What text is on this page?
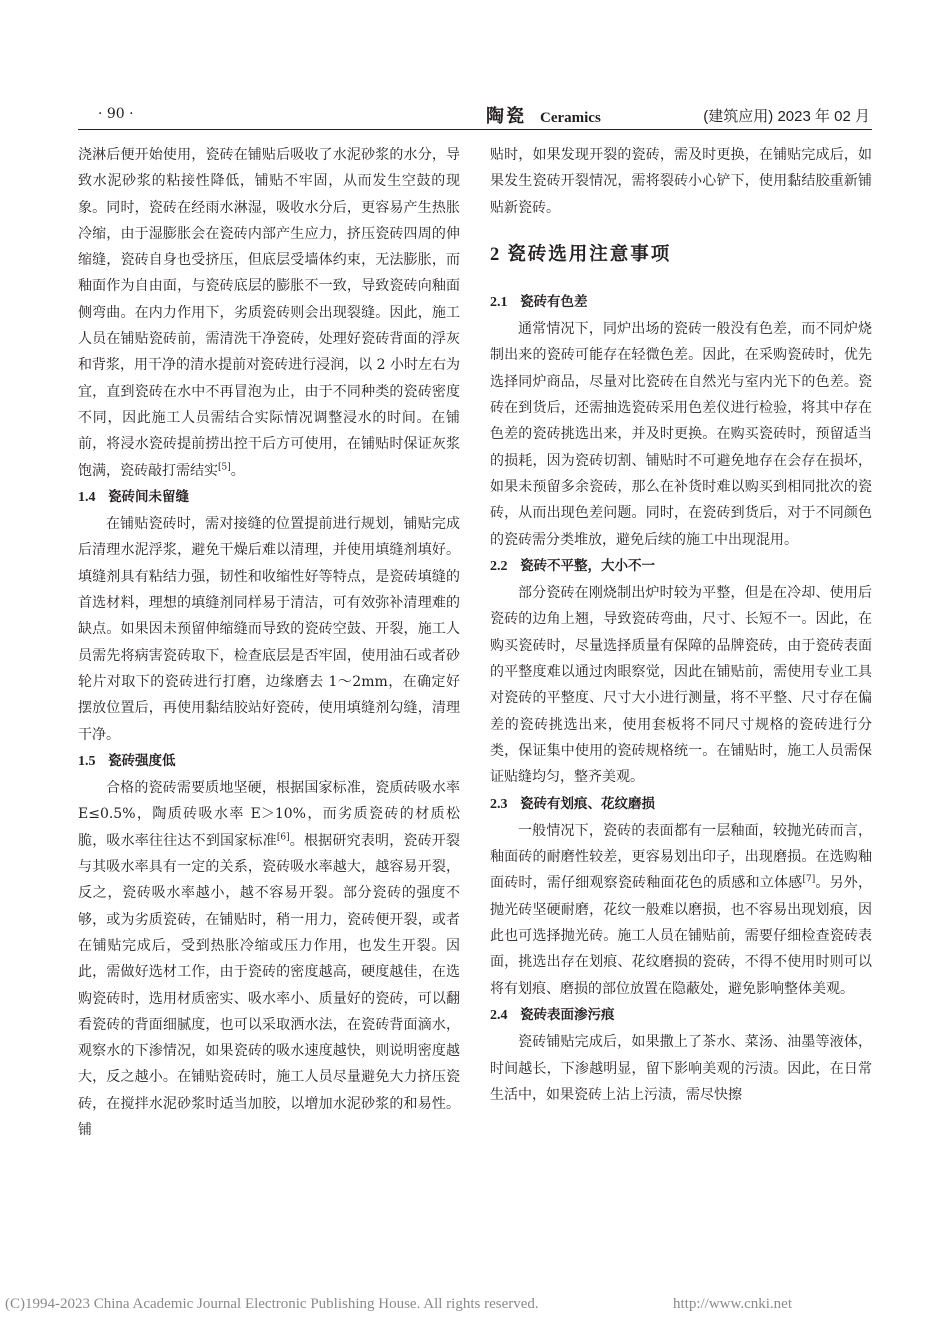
· 90 ·	陶瓷 Ceramics	(建筑应用) 2023 年 02 月

浇淋后便开始使用，瓷砖在铺贴后吸收了水泥砂浆的水分，导致水泥砂浆的粘接性降低，铺贴不牢固，从而发生空鼓的现象。同时，瓷砖在经雨水淋湿，吸收水分后，更容易产生热胀冷缩，由于湿膨胀会在瓷砖内部产生应力，挤压瓷砖四周的伸缩缝，瓷砖自身也受挤压，但底层受墙体约束，无法膨胀，而釉面作为自由面，与瓷砖底层的膨胀不一致，导致瓷砖向釉面侧弯曲。在内力作用下，劣质瓷砖则会出现裂缝。因此，施工人员在铺贴瓷砖前，需清洗干净瓷砖，处理好瓷砖背面的浮灰和背浆，用干净的清水提前对瓷砖进行浸润，以 2 小时左右为宜，直到瓷砖在水中不再冒泡为止，由于不同种类的瓷砖密度不同，因此施工人员需结合实际情况调整浸水的时间。在铺前，将浸水瓷砖提前捞出控干后方可使用，在铺贴时保证灰浆饱满，瓷砖敲打需结实[5]。

1.4 瓷砖间未留缝

在铺贴瓷砖时，需对接缝的位置提前进行规划，铺贴完成后清理水泥浮浆，避免干燥后难以清理，并使用填缝剂填好。填缝剂具有粘结力强，韧性和收缩性好等特点，是瓷砖填缝的首选材料，理想的填缝剂同样易于清洁，可有效弥补清理难的缺点。如果因未预留伸缩缝而导致的瓷砖空鼓、开裂，施工人员需先将病害瓷砖取下，检查底层是否牢固，使用油石或者砂轮片对取下的瓷砖进行打磨，边缘磨去 1～2mm，在确定好摆放位置后，再使用黏结胶站好瓷砖，使用填缝剂勾缝，清理干净。

1.5 瓷砖强度低

合格的瓷砖需要质地坚硬，根据国家标准，瓷质砖吸水率 E≤0.5%，陶质砖吸水率 E＞10%，而劣质瓷砖的材质松脆，吸水率往往达不到国家标准[6]。根据研究表明，瓷砖开裂与其吸水率具有一定的关系，瓷砖吸水率越大，越容易开裂，反之，瓷砖吸水率越小，越不容易开裂。部分瓷砖的强度不够，或为劣质瓷砖，在铺贴时，稍一用力，瓷砖便开裂，或者在铺贴完成后，受到热胀冷缩或压力作用，也发生开裂。因此，需做好选材工作，由于瓷砖的密度越高，硬度越佳，在选购瓷砖时，选用材质密实、吸水率小、质量好的瓷砖，可以翻看瓷砖的背面细腻度，也可以采取洒水法，在瓷砖背面滴水，观察水的下渗情况，如果瓷砖的吸水速度越快，则说明密度越大，反之越小。在铺贴瓷砖时，施工人员尽量避免大力挤压瓷砖，在搅拌水泥砂浆时适当加胶，以增加水泥砂浆的和易性。铺

贴时，如果发现开裂的瓷砖，需及时更换，在铺贴完成后，如果发生瓷砖开裂情况，需将裂砖小心铲下，使用黏结胶重新铺贴新瓷砖。

2 瓷砖选用注意事项
2.1 瓷砖有色差

通常情况下，同炉出场的瓷砖一般没有色差，而不同炉烧制出来的瓷砖可能存在轻微色差。因此，在采购瓷砖时，优先选择同炉商品，尽量对比瓷砖在自然光与室内光下的色差。瓷砖在到货后，还需抽选瓷砖采用色差仪进行检验，将其中存在色差的瓷砖挑选出来，并及时更换。在购买瓷砖时，预留适当的损耗，因为瓷砖切割、铺贴时不可避免地存在会存在损坏，如果未预留多余瓷砖，那么在补货时难以购买到相同批次的瓷砖，从而出现色差问题。同时，在瓷砖到货后，对于不同颜色的瓷砖需分类堆放，避免后续的施工中出现混用。

2.2 瓷砖不平整，大小不一

部分瓷砖在刚烧制出炉时较为平整，但是在冷却、使用后瓷砖的边角上翘，导致瓷砖弯曲，尺寸、长短不一。因此，在购买瓷砖时，尽量选择质量有保障的品牌瓷砖，由于瓷砖表面的平整度难以通过肉眼察觉，因此在铺贴前，需使用专业工具对瓷砖的平整度、尺寸大小进行测量，将不平整、尺寸存在偏差的瓷砖挑选出来，使用套板将不同尺寸规格的瓷砖进行分类，保证集中使用的瓷砖规格统一。在铺贴时，施工人员需保证贴缝均匀，整齐美观。

2.3 瓷砖有划痕、花纹磨损

一般情况下，瓷砖的表面都有一层釉面，较抛光砖而言，釉面砖的耐磨性较差，更容易划出印子，出现磨损。在选购釉面砖时，需仔细观察瓷砖釉面花色的质感和立体感[7]。另外，抛光砖坚硬耐磨，花纹一般难以磨损，也不容易出现划痕，因此也可选择抛光砖。施工人员在铺贴前，需要仔细检查瓷砖表面，挑选出存在划痕、花纹磨损的瓷砖，不得不使用时则可以将有划痕、磨损的部位放置在隐蔽处，避免影响整体美观。

2.4 瓷砖表面渗污痕

瓷砖铺贴完成后，如果撒上了茶水、菜汤、油墨等液体，时间越长，下渗越明显，留下影响美观的污渍。因此，在日常生活中，如果瓷砖上沾上污渍，需尽快擦

(C)1994-2023 China Academic Journal Electronic Publishing House. All rights reserved.	http://www.cnki.net
